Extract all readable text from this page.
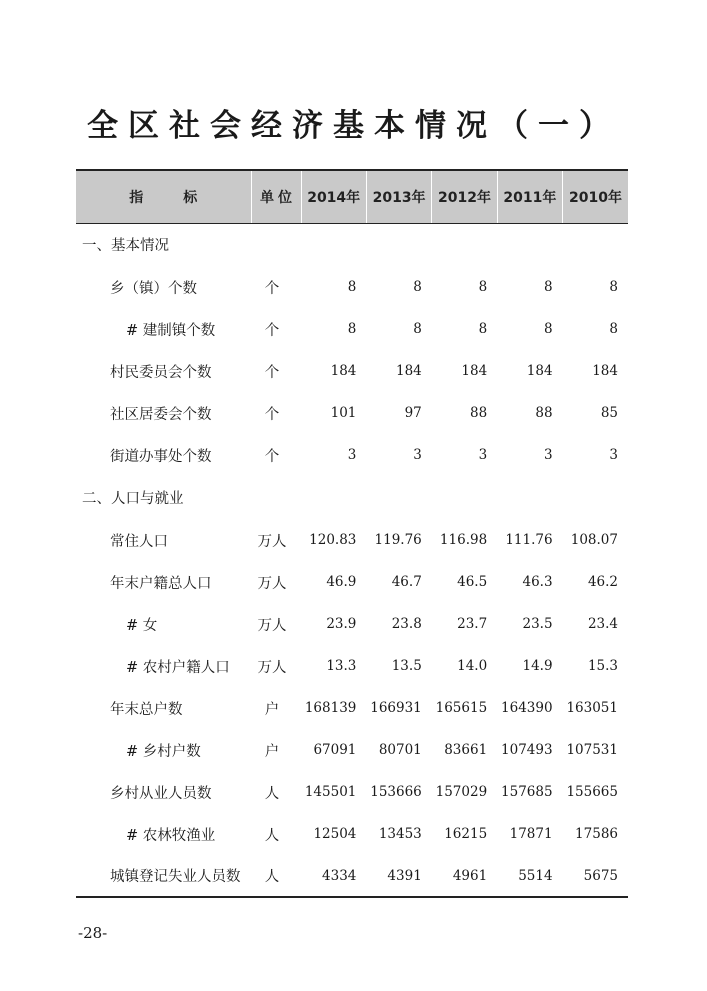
全区社会经济基本情况（一）
指标	单位	2014年	2013年	2012年	2011年	2010年
一、基本情况						
乡（镇）个数	个	8	8	8	8	8
# 建制镇个数	个	8	8	8	8	8
村民委员会个数	个	184	184	184	184	184
社区居委会个数	个	101	97	88	88	85
街道办事处个数	个	3	3	3	3	3
二、人口与就业						
常住人口	万人	120.83	119.76	116.98	111.76	108.07
年末户籍总人口	万人	46.9	46.7	46.5	46.3	46.2
# 女	万人	23.9	23.8	23.7	23.5	23.4
# 农村户籍人口	万人	13.3	13.5	14.0	14.9	15.3
年末总户数	户	168139	166931	165615	164390	163051
# 乡村户数	户	67091	80701	83661	107493	107531
乡村从业人员数	人	145501	153666	157029	157685	155665
# 农林牧渔业	人	12504	13453	16215	17871	17586
城镇登记失业人员数	人	4334	4391	4961	5514	5675
-28-
